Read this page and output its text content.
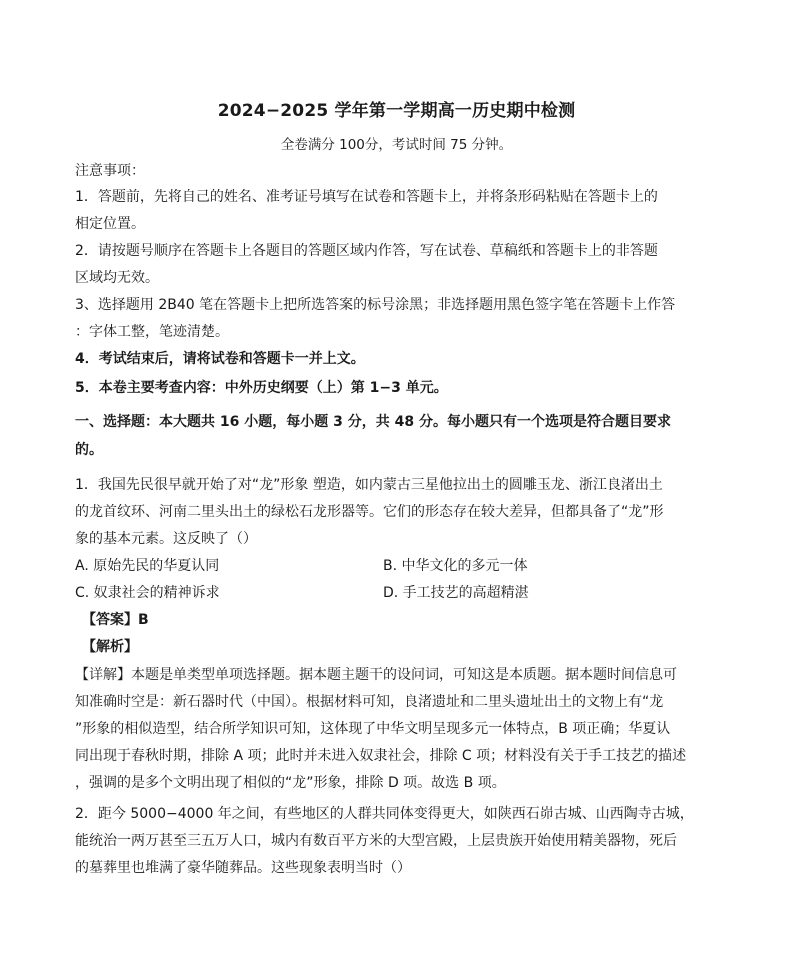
2024−2025 学年第一学期高一历史期中检测
全卷满分 100分，考试时间 75 分钟。
注意事项：
1．答题前，先将自己的姓名、准考证号填写在试卷和答题卡上，并将条形码粘贴在答题卡上的
相定位置。
2．请按题号顺序在答题卡上各题目的答题区域内作答，写在试卷、草稿纸和答题卡上的非答题
区域均无效。
3、选择题用 2B40 笔在答题卡上把所选答案的标号涂黑；非选择题用黑色签字笔在答题卡上作答
：字体工整，笔迹清楚。
4．考试结束后，请将试卷和答题卡一并上文。
5．本卷主要考查内容：中外历史纲要（上）第 1−3 单元。
一、选择题：本大题共 16 小题，每小题 3 分，共 48 分。每小题只有一个选项是符合题目要求
的。
1．我国先民很早就开始了对“龙”形象 塑造，如内蒙古三星他拉出土的圆雕玉龙、浙江良渚出土
的龙首纹环、河南二里头出土的绿松石龙形器等。它们的形态存在较大差异，但都具备了“龙”形
象的基本元素。这反映了（）
A. 原始先民的华夏认同	B. 中华文化的多元一体
C. 奴隶社会的精神诉求	D. 手工技艺的高超精湛
【答案】B
【解析】
【详解】本题是单类型单项选择题。据本题主题干的设问词，可知这是本质题。据本题时间信息可
知准确时空是：新石器时代（中国）。根据材料可知，良渚遗址和二里头遗址出土的文物上有“龙
”形象的相似造型，结合所学知识可知，这体现了中华文明呈现多元一体特点，B 项正确；华夏认
同出现于春秋时期，排除 A 项；此时并未进入奴隶社会，排除 C 项；材料没有关于手工技艺的描述
，强调的是多个文明出现了相似的“龙”形象，排除 D 项。故选 B 项。
2．距今 5000−4000 年之间，有些地区的人群共同体变得更大，如陕西石峁古城、山西陶寺古城，
能统治一两万甚至三五万人口，城内有数百平方米的大型宫殿，上层贵族开始使用精美器物，死后
的墓葬里也堆满了豪华随葬品。这些现象表明当时（）
